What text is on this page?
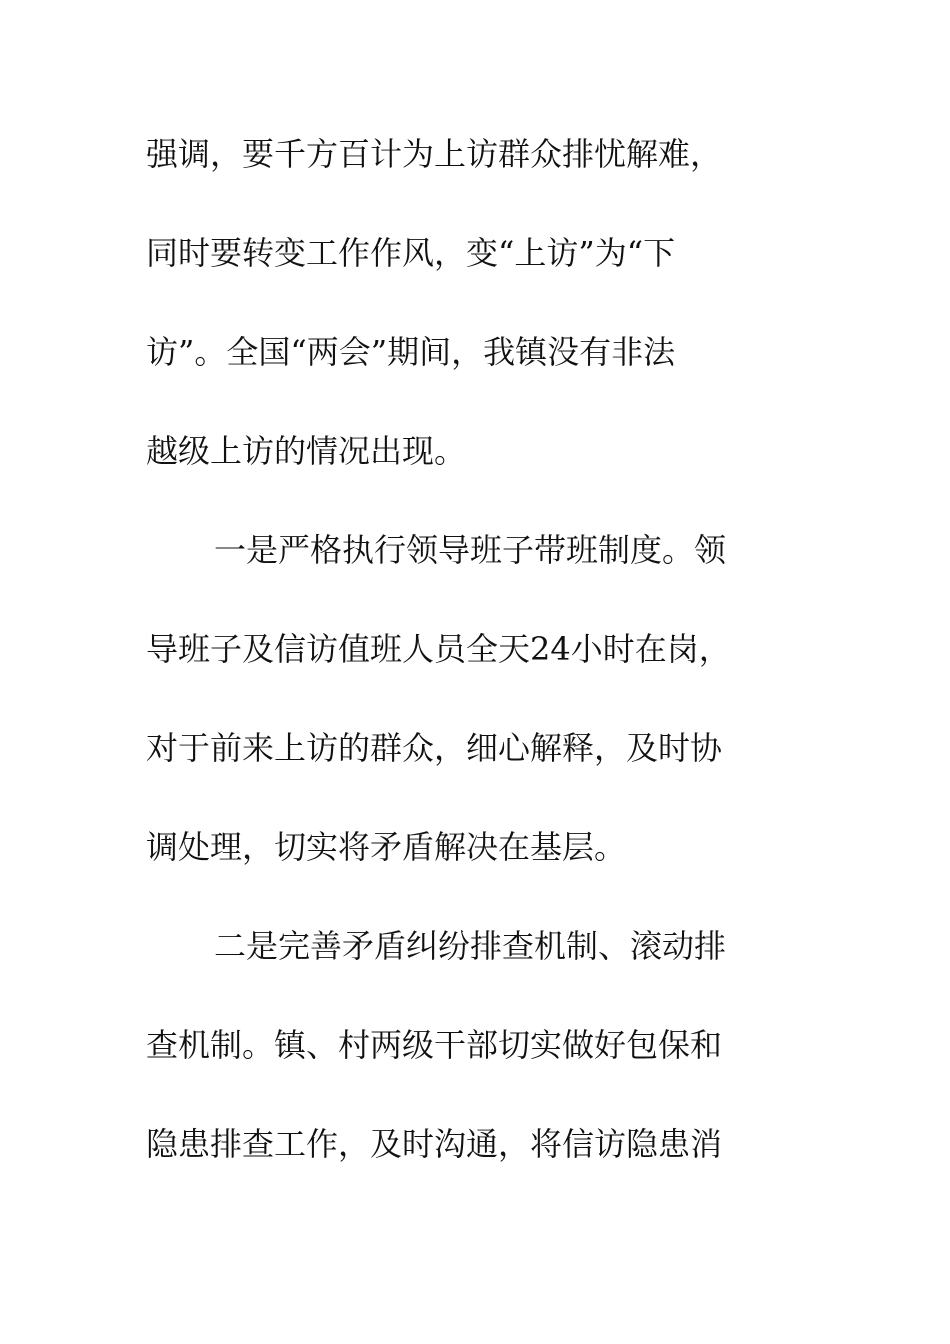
强调，要千方百计为上访群众排忧解难，
同时要转变工作作风，变“上访”为“下
访”。全国“两会”期间，我镇没有非法
越级上访的情况出现。
一是严格执行领导班子带班制度。领
导班子及信访值班人员全天24小时在岗，
对于前来上访的群众，细心解释，及时协
调处理，切实将矛盾解决在基层。
二是完善矛盾纠纷排查机制、滚动排
查机制。镇、村两级干部切实做好包保和
隐患排查工作，及时沟通，将信访隐患消
